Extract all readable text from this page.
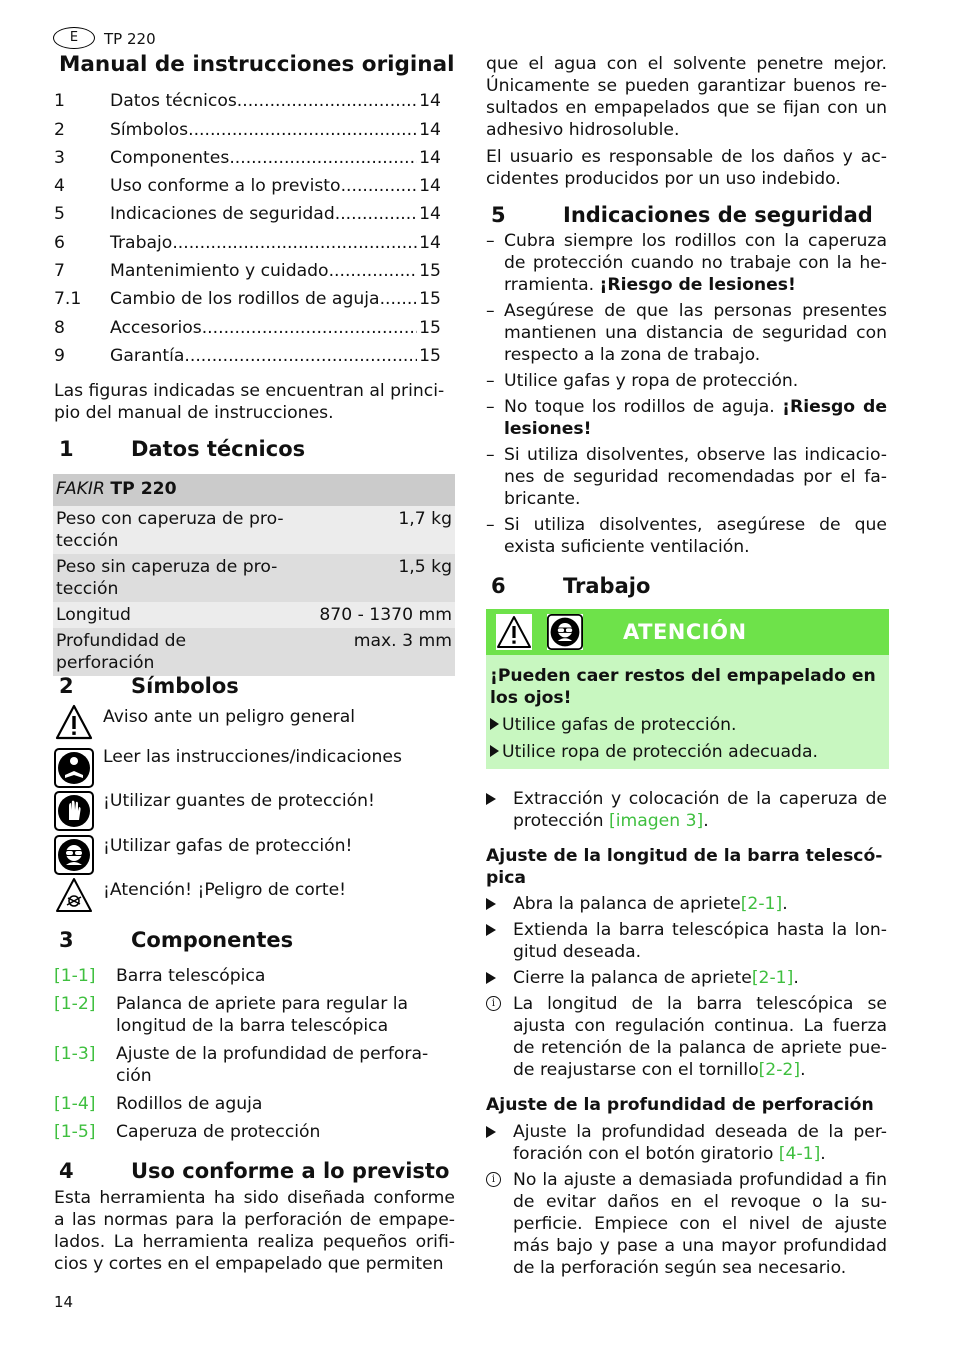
E	TP 220
Manual de instrucciones original
1	Datos técnicos .....	14
2	Símbolos .....	14
3	Componentes .....	14
4	Uso conforme a lo previsto .....	14
5	Indicaciones de seguridad .....	14
6	Trabajo .....	14
7	Mantenimiento y cuidado .....	15
7.1	Cambio de los rodillos de aguja ..... 15
8	Accesorios .....	15
9	Garantía .....	15
Las figuras indicadas se encuentran al princi-pio del manual de instrucciones.
1	Datos técnicos
FAKIR TP 220	
Peso con caperuza de pro-tección	1,7 kg
Peso sin caperuza de pro-tección	1,5 kg
Longitud	870 - 1370 mm
Profundidad de perforación	max. 3 mm
2	Símbolos
Aviso ante un peligro general
Leer las instrucciones/indicaciones
¡Utilizar guantes de protección!
¡Utilizar gafas de protección!
¡Atención! ¡Peligro de corte!
3	Componentes
[1-1] Barra telescópica
[1-2] Palanca de apriete para regular la longitud de la barra telescópica
[1-3] Ajuste de la profundidad de perfora-ción
[1-4] Rodillos de aguja
[1-5] Caperuza de protección
4	Uso conforme a lo previsto
Esta herramienta ha sido diseñada conforme a las normas para la perforación de empape-lados. La herramienta realiza pequeños orifi-cios y cortes en el empapelado que permiten
que el agua con el solvente penetre mejor. Únicamente se pueden garantizar buenos re-sultados en empapelados que se fijan con un adhesivo hidrosoluble.
El usuario es responsable de los daños y ac-cidentes producidos por un uso indebido.
5	Indicaciones de seguridad
– Cubra siempre los rodillos con la caperuza de protección cuando no trabaje con la he-rramienta. ¡Riesgo de lesiones!
– Asegúrese de que las personas presentes mantienen una distancia de seguridad con respecto a la zona de trabajo.
– Utilice gafas y ropa de protección.
– No toque los rodillos de aguja. ¡Riesgo de lesiones!
– Si utiliza disolventes, observe las indicacio-nes de seguridad recomendadas por el fa-bricante.
– Si utiliza disolventes, asegúrese de que exista suficiente ventilación.
6	Trabajo
ATENCIÓN
¡Pueden caer restos del empapelado en los ojos!
Utilice gafas de protección.
Utilice ropa de protección adecuada.
Extracción y colocación de la caperuza de protección [imagen 3].
Ajuste de la longitud de la barra telescó-pica
Abra la palanca de apriete[2-1].
Extienda la barra telescópica hasta la lon-gitud deseada.
Cierre la palanca de apriete[2-1].
i	La longitud de la barra telescópica se ajusta con regulación continua. La fuerza de retención de la palanca de apriete pue-de reajustarse con el tornillo[2-2].
Ajuste de la profundidad de perforación
Ajuste la profundidad deseada de la per-foración con el botón giratorio [4-1].
i	No la ajuste a demasiada profundidad a fin de evitar daños en el revoque o la su-perficie. Empiece con el nivel de ajuste más bajo y pase a una mayor profundidad de la perforación según sea necesario.
14
